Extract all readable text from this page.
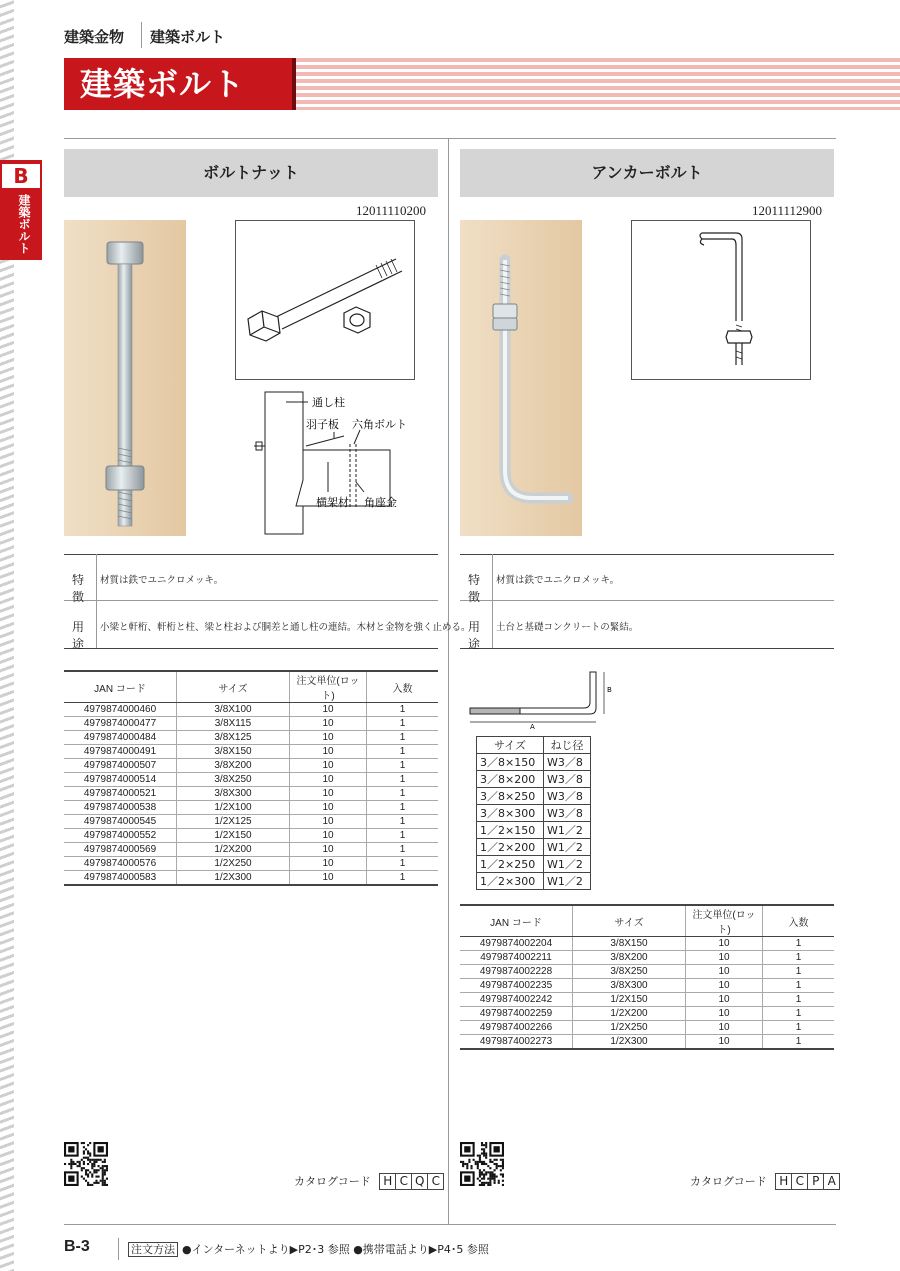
B
建築ボルト
建築金物 建築ボルト
建築ボルト
ボルトナット
12011110200
通し柱
羽子板 六角ボルト
横架材 角座金
特徴
材質は鉄でユニクロメッキ。
用途
小梁と軒桁、軒桁と柱、梁と柱および胴差と通し柱の連結。木材と金物を強く止める。
JAN コード	サイズ	注文単位(ロット)	入数
4979874000460	3/8X100	10	1
4979874000477	3/8X115	10	1
4979874000484	3/8X125	10	1
4979874000491	3/8X150	10	1
4979874000507	3/8X200	10	1
4979874000514	3/8X250	10	1
4979874000521	3/8X300	10	1
4979874000538	1/2X100	10	1
4979874000545	1/2X125	10	1
4979874000552	1/2X150	10	1
4979874000569	1/2X200	10	1
4979874000576	1/2X250	10	1
4979874000583	1/2X300	10	1
カタログコード H C Q C
アンカーボルト
12011112900
特徴
材質は鉄でユニクロメッキ。
用途
土台と基礎コンクリートの緊結。
B
A
サイズ	ねじ径
3／8×150	W3／8
3／8×200	W3／8
3／8×250	W3／8
3／8×300	W3／8
1／2×150	W1／2
1／2×200	W1／2
1／2×250	W1／2
1／2×300	W1／2
JAN コード	サイズ	注文単位(ロット)	入数
4979874002204	3/8X150	10	1
4979874002211	3/8X200	10	1
4979874002228	3/8X250	10	1
4979874002235	3/8X300	10	1
4979874002242	1/2X150	10	1
4979874002259	1/2X200	10	1
4979874002266	1/2X250	10	1
4979874002273	1/2X300	10	1
カタログコード H C P A
B-3	注文方法 ●インターネットより▶P2･3 参照 ●携帯電話より▶P4･5 参照
